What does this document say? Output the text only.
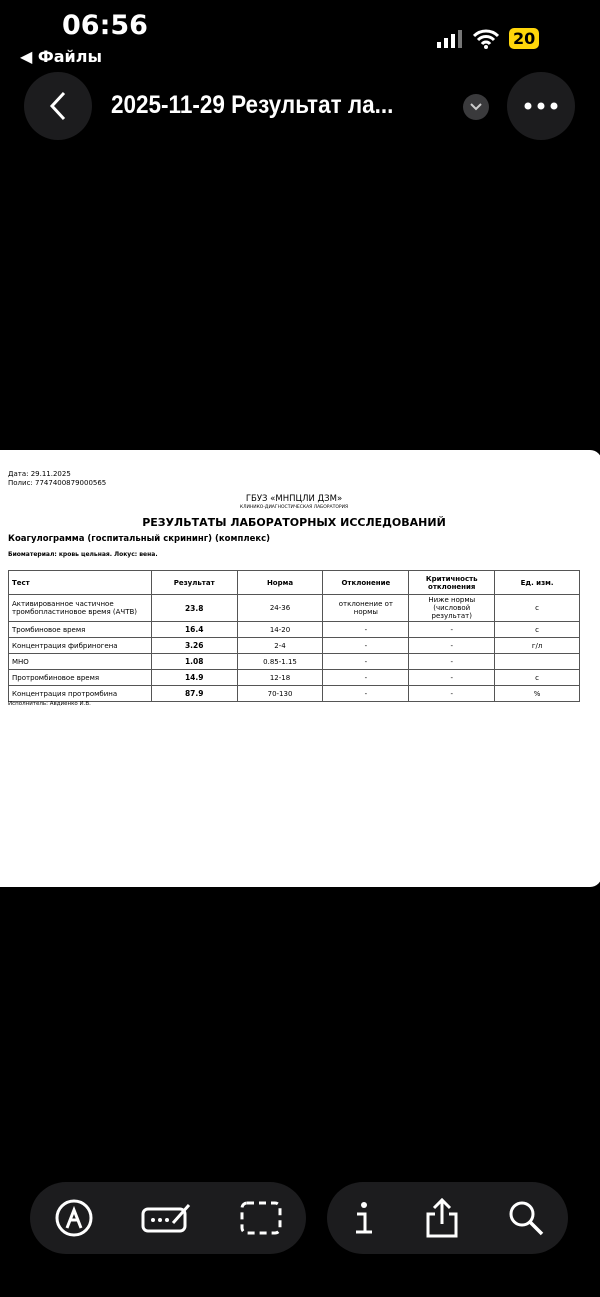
06:56
◀ Файлы
20
2025-11-29 Результат ла...
Дата: 29.11.2025
Полис: 7747400879000565
ГБУЗ «МНПЦЛИ ДЗМ»
КЛИНИКО-ДИАГНОСТИЧЕСКАЯ ЛАБОРАТОРИЯ
РЕЗУЛЬТАТЫ ЛАБОРАТОРНЫХ ИССЛЕДОВАНИЙ
Коагулограмма (госпитальный скрининг) (комплекс)
Биоматериал: кровь цельная. Локус: вена.
Тест	Результат	Норма	Отклонение	Критичность отклонения	Ед. изм.
Активированное частичное тромбопластиновое время (АЧТВ)	23.8	24-36	отклонение от нормы	Ниже нормы (числовой результат)	с
Тромбиновое время	16.4	14-20	-	-	с
Концентрация фибриногена	3.26	2-4	-	-	г/л
МНО	1.08	0.85-1.15	-	-	
Протромбиновое время	14.9	12-18	-	-	с
Концентрация протромбина	87.9	70-130	-	-	%
Исполнитель: Авдиенко И.В.
